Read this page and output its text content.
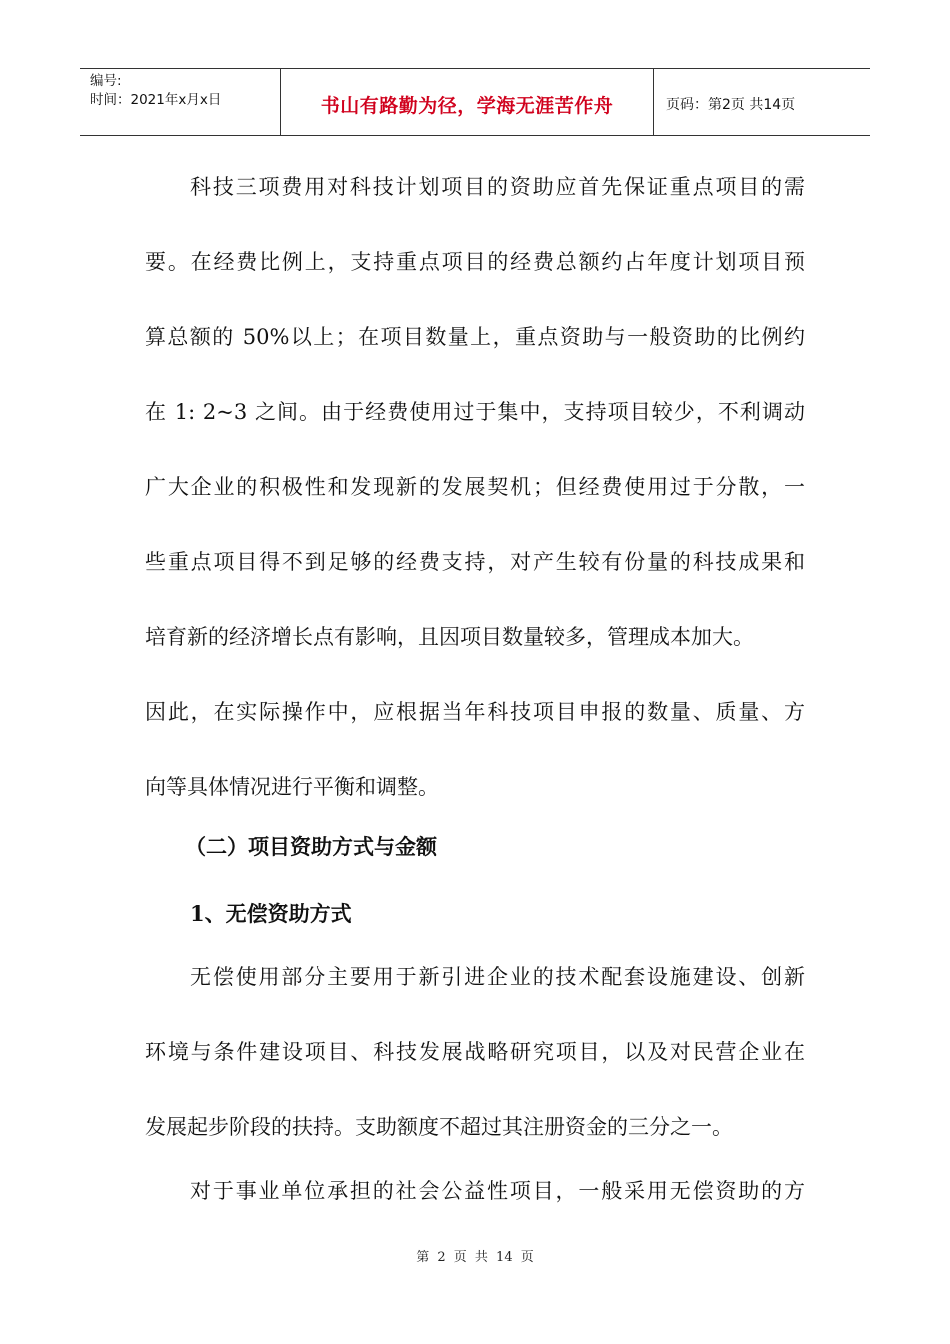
编号:
时间：2021年x月x日	书山有路勤为径，学海无涯苦作舟	页码：第2页 共14页
科技三项费用对科技计划项目的资助应首先保证重点项目的需
要。在经费比例上，支持重点项目的经费总额约占年度计划项目预
算总额的 50%以上；在项目数量上，重点资助与一般资助的比例约
在 1: 2~3 之间。由于经费使用过于集中，支持项目较少，不利调动
广大企业的积极性和发现新的发展契机；但经费使用过于分散，一
些重点项目得不到足够的经费支持，对产生较有份量的科技成果和
培育新的经济增长点有影响，且因项目数量较多，管理成本加大。
因此，在实际操作中，应根据当年科技项目申报的数量、质量、方
向等具体情况进行平衡和调整。
（二）项目资助方式与金额
1、无偿资助方式
无偿使用部分主要用于新引进企业的技术配套设施建设、创新
环境与条件建设项目、科技发展战略研究项目，以及对民营企业在
发展起步阶段的扶持。支助额度不超过其注册资金的三分之一。
对于事业单位承担的社会公益性项目，一般采用无偿资助的方
第 2 页 共 14 页
